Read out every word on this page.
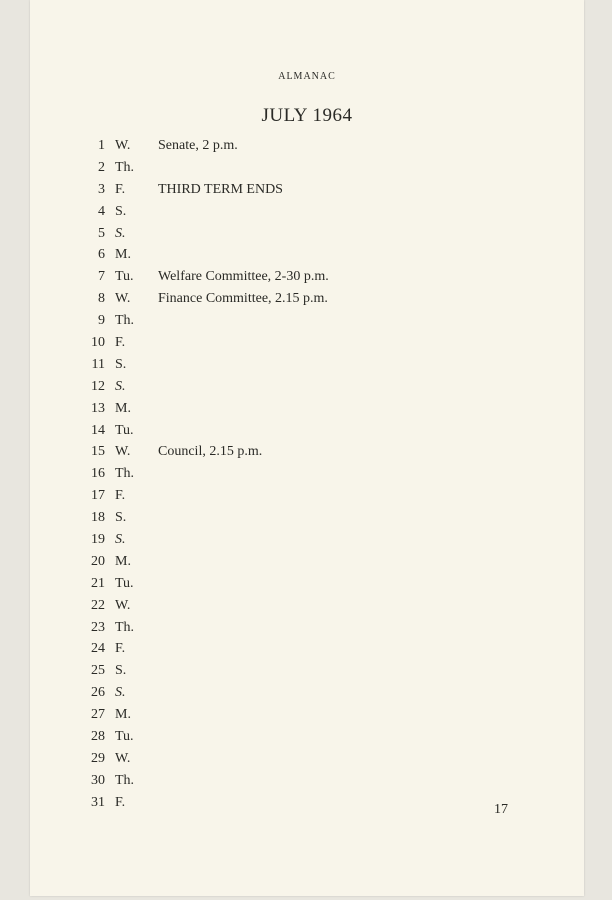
ALMANAC
JULY 1964
1 W. Senate, 2 p.m.
2 Th.
3 F. THIRD TERM ENDS
4 S.
5 S.
6 M.
7 Tu. Welfare Committee, 2-30 p.m.
8 W. Finance Committee, 2.15 p.m.
9 Th.
10 F.
11 S.
12 S.
13 M.
14 Tu.
15 W. Council, 2.15 p.m.
16 Th.
17 F.
18 S.
19 S.
20 M.
21 Tu.
22 W.
23 Th.
24 F.
25 S.
26 S.
27 M.
28 Tu.
29 W.
30 Th.
31 F.	17
